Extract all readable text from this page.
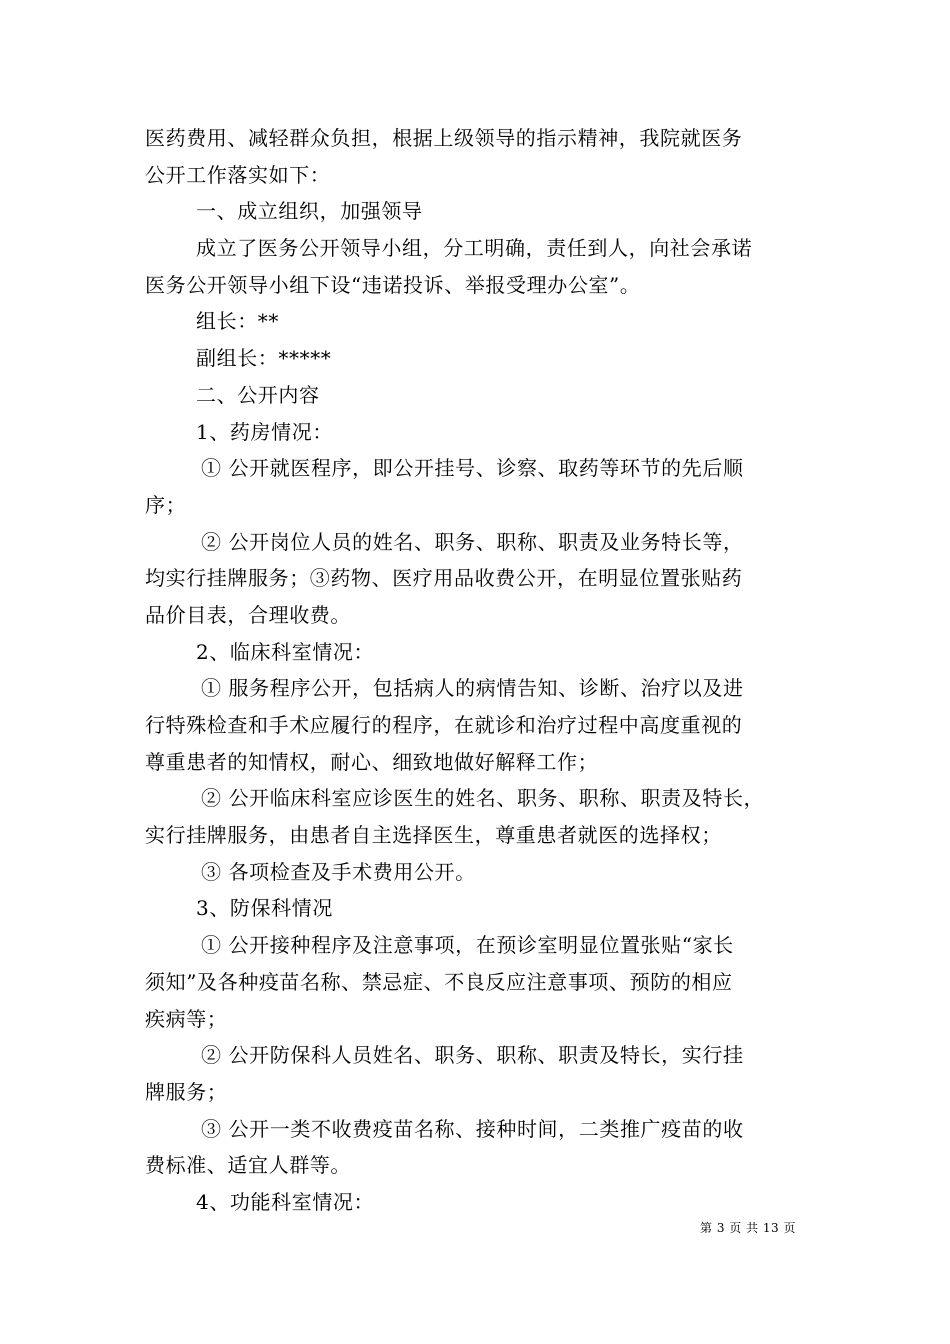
医药费用、减轻群众负担，根据上级领导的指示精神，我院就医务
公开工作落实如下：
一、成立组织，加强领导
成立了医务公开领导小组，分工明确，责任到人，向社会承诺
医务公开领导小组下设“违诺投诉、举报受理办公室”。
组长：**
副组长：*****
二、公开内容
1、药房情况：
① 公开就医程序，即公开挂号、诊察、取药等环节的先后顺
序；
② 公开岗位人员的姓名、职务、职称、职责及业务特长等，
均实行挂牌服务；③药物、医疗用品收费公开，在明显位置张贴药
品价目表，合理收费。
2、临床科室情况：
① 服务程序公开，包括病人的病情告知、诊断、治疗以及进
行特殊检查和手术应履行的程序，在就诊和治疗过程中高度重视的
尊重患者的知情权，耐心、细致地做好解释工作；
② 公开临床科室应诊医生的姓名、职务、职称、职责及特长，
实行挂牌服务，由患者自主选择医生，尊重患者就医的选择权；
③ 各项检查及手术费用公开。
3、防保科情况
① 公开接种程序及注意事项，在预诊室明显位置张贴“家长
须知”及各种疫苗名称、禁忌症、不良反应注意事项、预防的相应
疾病等；
② 公开防保科人员姓名、职务、职称、职责及特长，实行挂
牌服务；
③ 公开一类不收费疫苗名称、接种时间，二类推广疫苗的收
费标准、适宜人群等。
4、功能科室情况：
第 3 页 共 13 页
